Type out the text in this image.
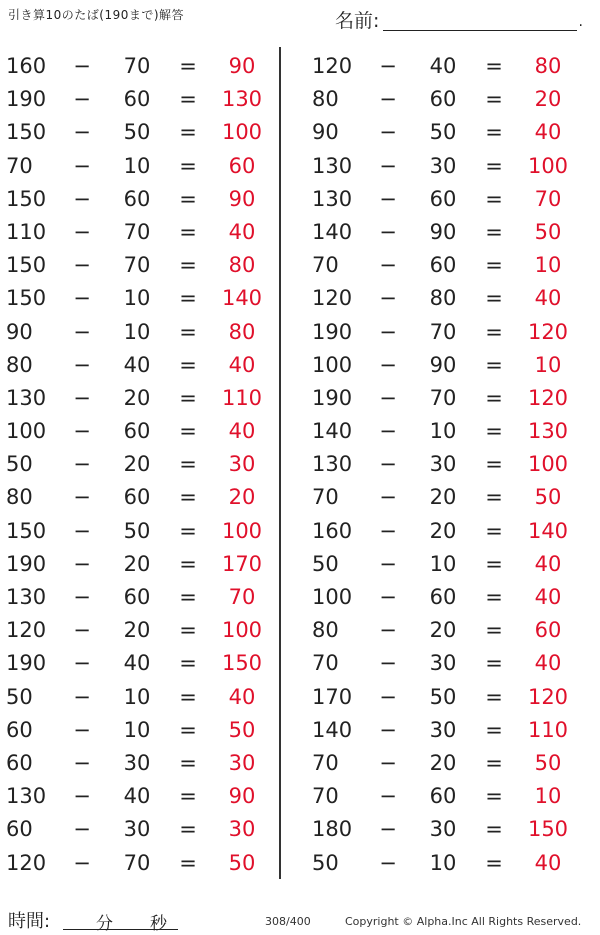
引き算10のたば(190まで)解答	名前:	.
160 −	70	=	90
190 −	60	= 130
150 −	50	= 100
70	−	10	=	60
150 −	60	=	90
110 −	70	=	40
150 −	70	=	80
150 −	10	= 140
90	−	10	=	80
80	−	40	=	40
130 −	20	= 110
100 −	60	=	40
50	−	20	=	30
80	−	60	=	20
150 −	50	= 100
190 −	20	= 170
130 −	60	=	70
120 −	20	= 100
190 −	40	= 150
50	−	10	=	40
60	−	10	=	50
60	−	30	=	30
130 −	40	=	90
60	−	30	=	30
120 −	70	=	50
120 −	40	=	80
80	−	60	=	20
90	−	50	=	40
130 −	30	= 100
130 −	60	=	70
140 −	90	=	50
70	−	60	=	10
120 −	80	=	40
190 −	70	= 120
100 −	90	=	10
190 −	70	= 120
140 −	10	= 130
130 −	30	= 100
70	−	20	=	50
160 −	20	= 140
50	−	10	=	40
100 −	60	=	40
80	−	20	=	60
70	−	30	=	40
170 −	50	= 120
140 −	30	= 110
70	−	20	=	50
70	−	60	=	10
180 −	30	= 150
50	−	10	=	40
時間:	分 秒	308/400	Copyright © Alpha.Inc All Rights Reserved.
